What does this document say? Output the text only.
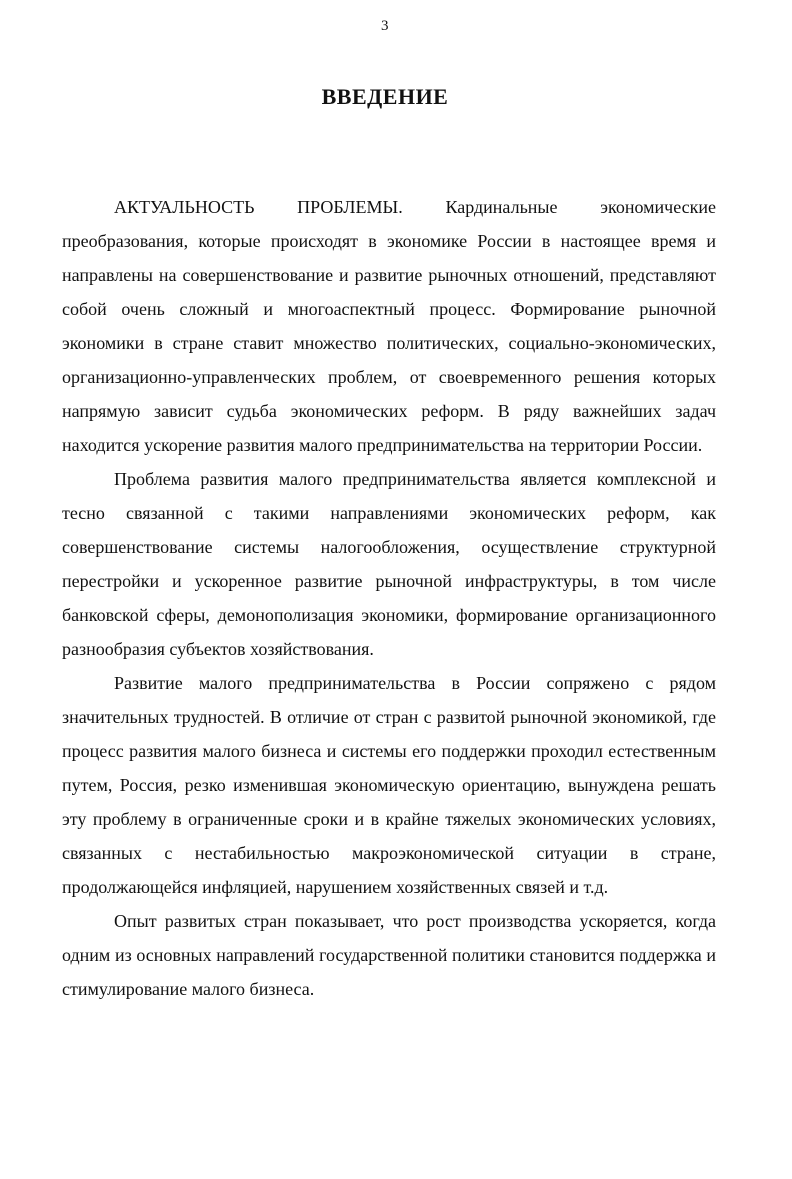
3
ВВЕДЕНИЕ

АКТУАЛЬНОСТЬ ПРОБЛЕМЫ. Кардинальные экономические преобразования, которые происходят в экономике России в настоящее время и направлены на совершенствование и развитие рыночных отношений, представляют собой очень сложный и многоаспектный процесс. Формирование рыночной экономики в стране ставит множество политических, социально-экономических, организационно-управленческих проблем, от своевременного решения которых напрямую зависит судьба экономических реформ. В ряду важнейших задач находится ускорение развития малого предпринимательства на территории России.

Проблема развития малого предпринимательства является комплексной и тесно связанной с такими направлениями экономических реформ, как совершенствование системы налогообложения, осуществление структурной перестройки и ускоренное развитие рыночной инфраструктуры, в том числе банковской сферы, демонополизация экономики, формирование организационного разнообразия субъектов хозяйствования.

Развитие малого предпринимательства в России сопряжено с рядом значительных трудностей. В отличие от стран с развитой рыночной экономикой, где процесс развития малого бизнеса и системы его поддержки проходил естественным путем, Россия, резко изменившая экономическую ориентацию, вынуждена решать эту проблему в ограниченные сроки и в крайне тяжелых экономических условиях, связанных с нестабильностью макроэкономической ситуации в стране, продолжающейся инфляцией, нарушением хозяйственных связей и т.д.

Опыт развитых стран показывает, что рост производства ускоряется, когда одним из основных направлений государственной политики становится поддержка и стимулирование малого бизнеса.
